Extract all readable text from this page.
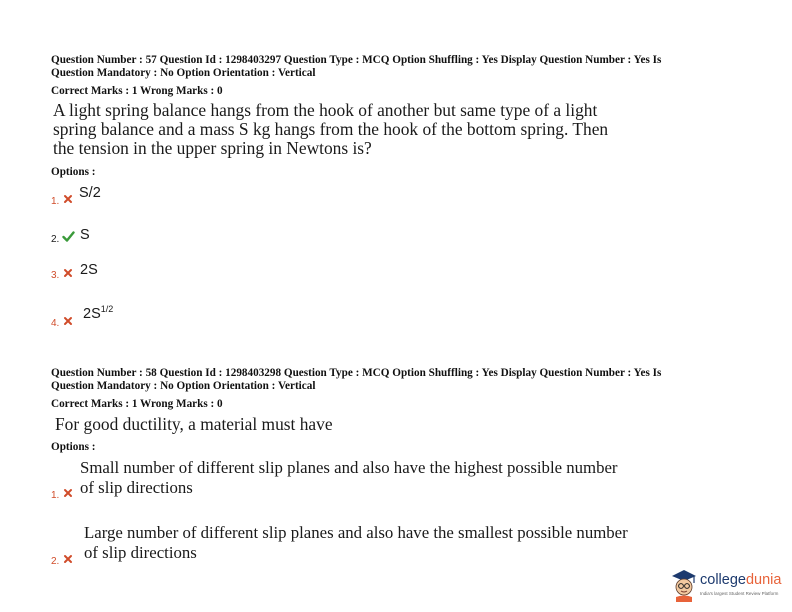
Question Number : 57 Question Id : 1298403297 Question Type : MCQ Option Shuffling : Yes Display Question Number : Yes Is
Question Mandatory : No Option Orientation : Vertical
Correct Marks : 1 Wrong Marks : 0
A light spring balance hangs from the hook of another but same type of a light
spring balance and a mass S kg hangs from the hook of the bottom spring. Then
the tension in the upper spring in Newtons is?
Options :
1.
S/2
2. S
3. 2S
4.
$2S^{1/2}$
Question Number : 58 Question Id : 1298403298 Question Type : MCQ Option Shuffling : Yes Display Question Number : Yes Is
Question Mandatory : No Option Orientation : Vertical
Correct Marks : 1 Wrong Marks : 0
For good ductility, a material must have
Options :
Small number of different slip planes and also have the highest possible number
of slip directions
1.
Large number of different slip planes and also have the smallest possible number
of slip directions
2.
collegedunia
India's largest Student Review Platform
